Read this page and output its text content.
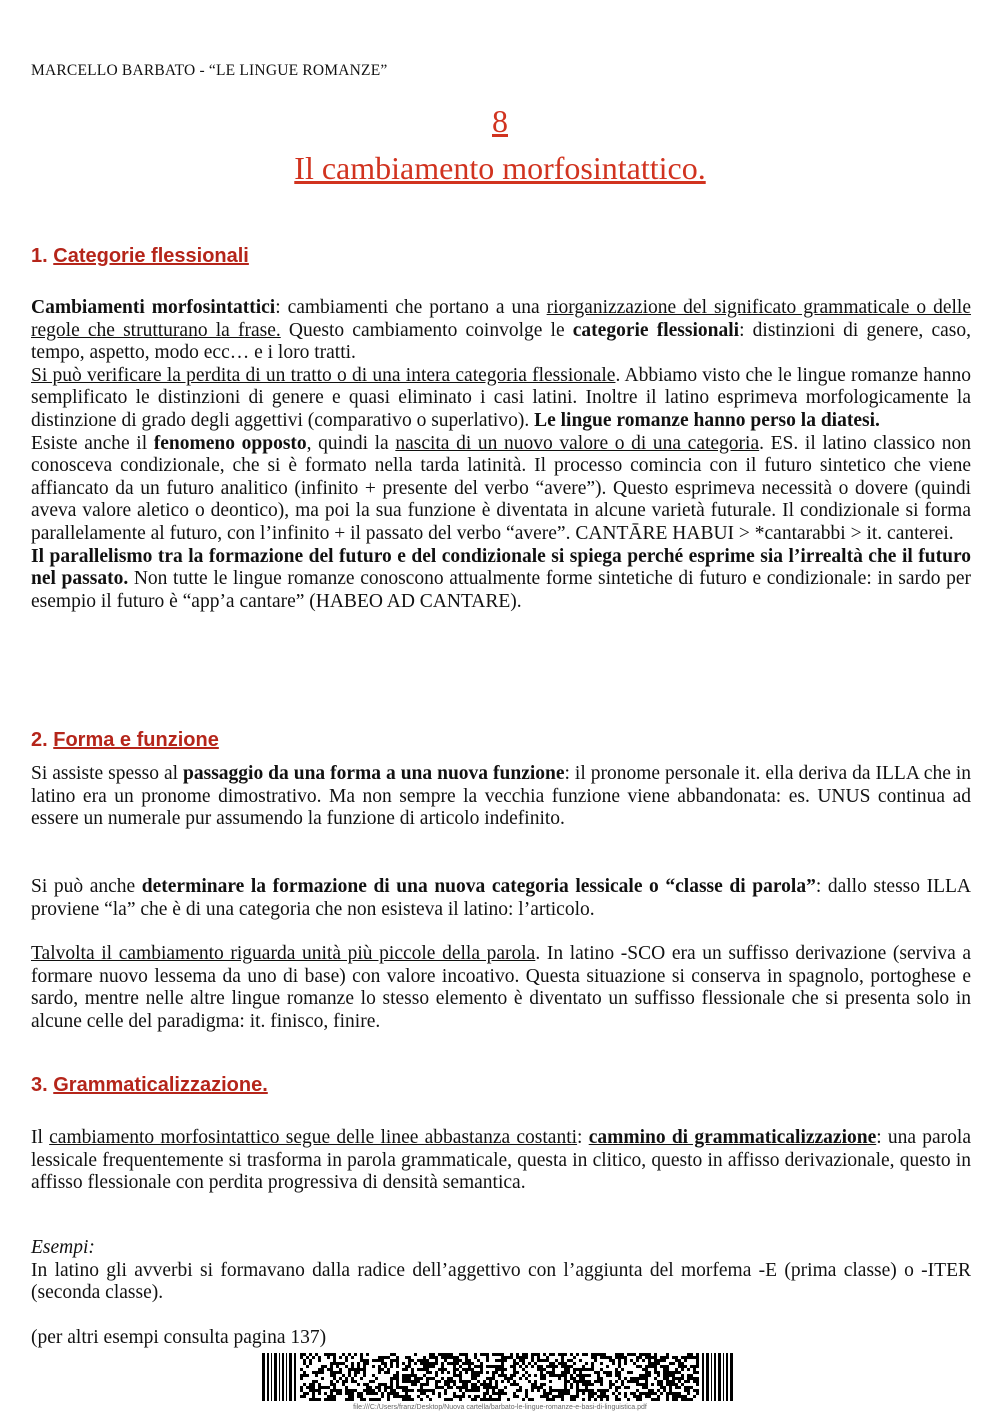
MARCELLO BARBATO - “LE LINGUE ROMANZE”
8
Il cambiamento morfosintattico.
1. Categorie flessionali

Cambiamenti morfosintattici: cambiamenti che portano a una riorganizzazione del significato grammaticale o delle regole che strutturano la frase. Questo cambiamento coinvolge le categorie flessionali: distinzioni di genere, caso, tempo, aspetto, modo ecc… e i loro tratti.
Si può verificare la perdita di un tratto o di una intera categoria flessionale. Abbiamo visto che le lingue romanze hanno semplificato le distinzioni di genere e quasi eliminato i casi latini. Inoltre il latino esprimeva morfologicamente la distinzione di grado degli aggettivi (comparativo o superlativo). Le lingue romanze hanno perso la diatesi.
Esiste anche il fenomeno opposto, quindi la nascita di un nuovo valore o di una categoria. ES. il latino classico non conosceva condizionale, che si è formato nella tarda latinità. Il processo comincia con il futuro sintetico che viene affiancato da un futuro analitico (infinito + presente del verbo “avere”). Questo esprimeva necessità o dovere (quindi aveva valore aletico o deontico), ma poi la sua funzione è diventata in alcune varietà futurale. Il condizionale si forma parallelamente al futuro, con l’infinito + il passato del verbo “avere”. CANTĀRE HABUI > *cantarabbi > it. canterei.
Il parallelismo tra la formazione del futuro e del condizionale si spiega perché esprime sia l’irrealtà che il futuro nel passato. Non tutte le lingue romanze conoscono attualmente forme sintetiche di futuro e condizionale: in sardo per esempio il futuro è “app’a cantare” (HABEO AD CANTARE).

2. Forma e funzione

Si assiste spesso al passaggio da una forma a una nuova funzione: il pronome personale it. ella deriva da ILLA che in latino era un pronome dimostrativo. Ma non sempre la vecchia funzione viene abbandonata: es. UNUS continua ad essere un numerale pur assumendo la funzione di articolo indefinito.

Si può anche determinare la formazione di una nuova categoria lessicale o “classe di parola”: dallo stesso ILLA proviene “la” che è di una categoria che non esisteva il latino: l’articolo.

Talvolta il cambiamento riguarda unità più piccole della parola. In latino -SCO era un suffisso derivazione (serviva a formare nuovo lessema da uno di base) con valore incoativo. Questa situazione si conserva in spagnolo, portoghese e sardo, mentre nelle altre lingue romanze lo stesso elemento è diventato un suffisso flessionale che si presenta solo in alcune celle del paradigma: it. finisco, finire.

3. Grammaticalizzazione.

Il cambiamento morfosintattico segue delle linee abbastanza costanti: cammino di grammaticalizzazione: una parola lessicale frequentemente si trasforma in parola grammaticale, questa in clitico, questo in affisso derivazionale, questo in affisso flessionale con perdita progressiva di densità semantica.

Esempi:
In latino gli avverbi si formavano dalla radice dell’aggettivo con l’aggiunta del morfema -E (prima classe) o -ITER (seconda classe).

(per altri esempi consulta pagina 137)

file:///C:/Users/franz/Desktop/Nuova cartella/barbato-le-lingue-romanze-e-basi-di-linguistica.pdf
